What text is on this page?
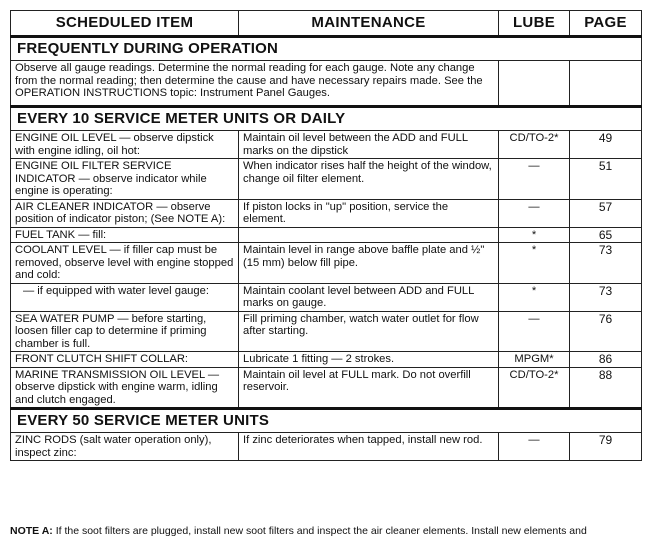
SCHEDULED ITEM	MAINTENANCE	LUBE	PAGE
FREQUENTLY DURING OPERATION			
Observe all gauge readings. Determine the normal reading for each gauge. Note any change from the normal reading; then determine the cause and have necessary repairs made. See the OPERATION INSTRUCTIONS topic: Instrument Panel Gauges.			
EVERY 10 SERVICE METER UNITS OR DAILY			
ENGINE OIL LEVEL — observe dipstick with engine idling, oil hot:	Maintain oil level between the ADD and FULL marks on the dipstick	CD/TO-2*	49
ENGINE OIL FILTER SERVICE INDICATOR — observe indicator while engine is operating:	When indicator rises half the height of the window, change oil filter element.	—	51
AIR CLEANER INDICATOR — observe position of indicator piston; (See NOTE A):	If piston locks in "up" position, service the element.	—	57
FUEL TANK — fill:		*	65
COOLANT LEVEL — if filler cap must be removed, observe level with engine stopped and cold:	Maintain level in range above baffle plate and ½" (15 mm) below fill pipe.	*	73
— if equipped with water level gauge:	Maintain coolant level between ADD and FULL marks on gauge.	*	73
SEA WATER PUMP — before starting, loosen filler cap to determine if priming chamber is full.	Fill priming chamber, watch water outlet for flow after starting.	—	76
FRONT CLUTCH SHIFT COLLAR:	Lubricate 1 fitting — 2 strokes.	MPGM*	86
MARINE TRANSMISSION OIL LEVEL — observe dipstick with engine warm, idling and clutch engaged.	Maintain oil level at FULL mark. Do not overfill reservoir.	CD/TO-2*	88
EVERY 50 SERVICE METER UNITS			
ZINC RODS (salt water operation only), inspect zinc:	If zinc deteriorates when tapped, install new rod.	—	79
NOTE A: If the soot filters are plugged, install new soot filters and inspect the air cleaner elements. Install new elements and
